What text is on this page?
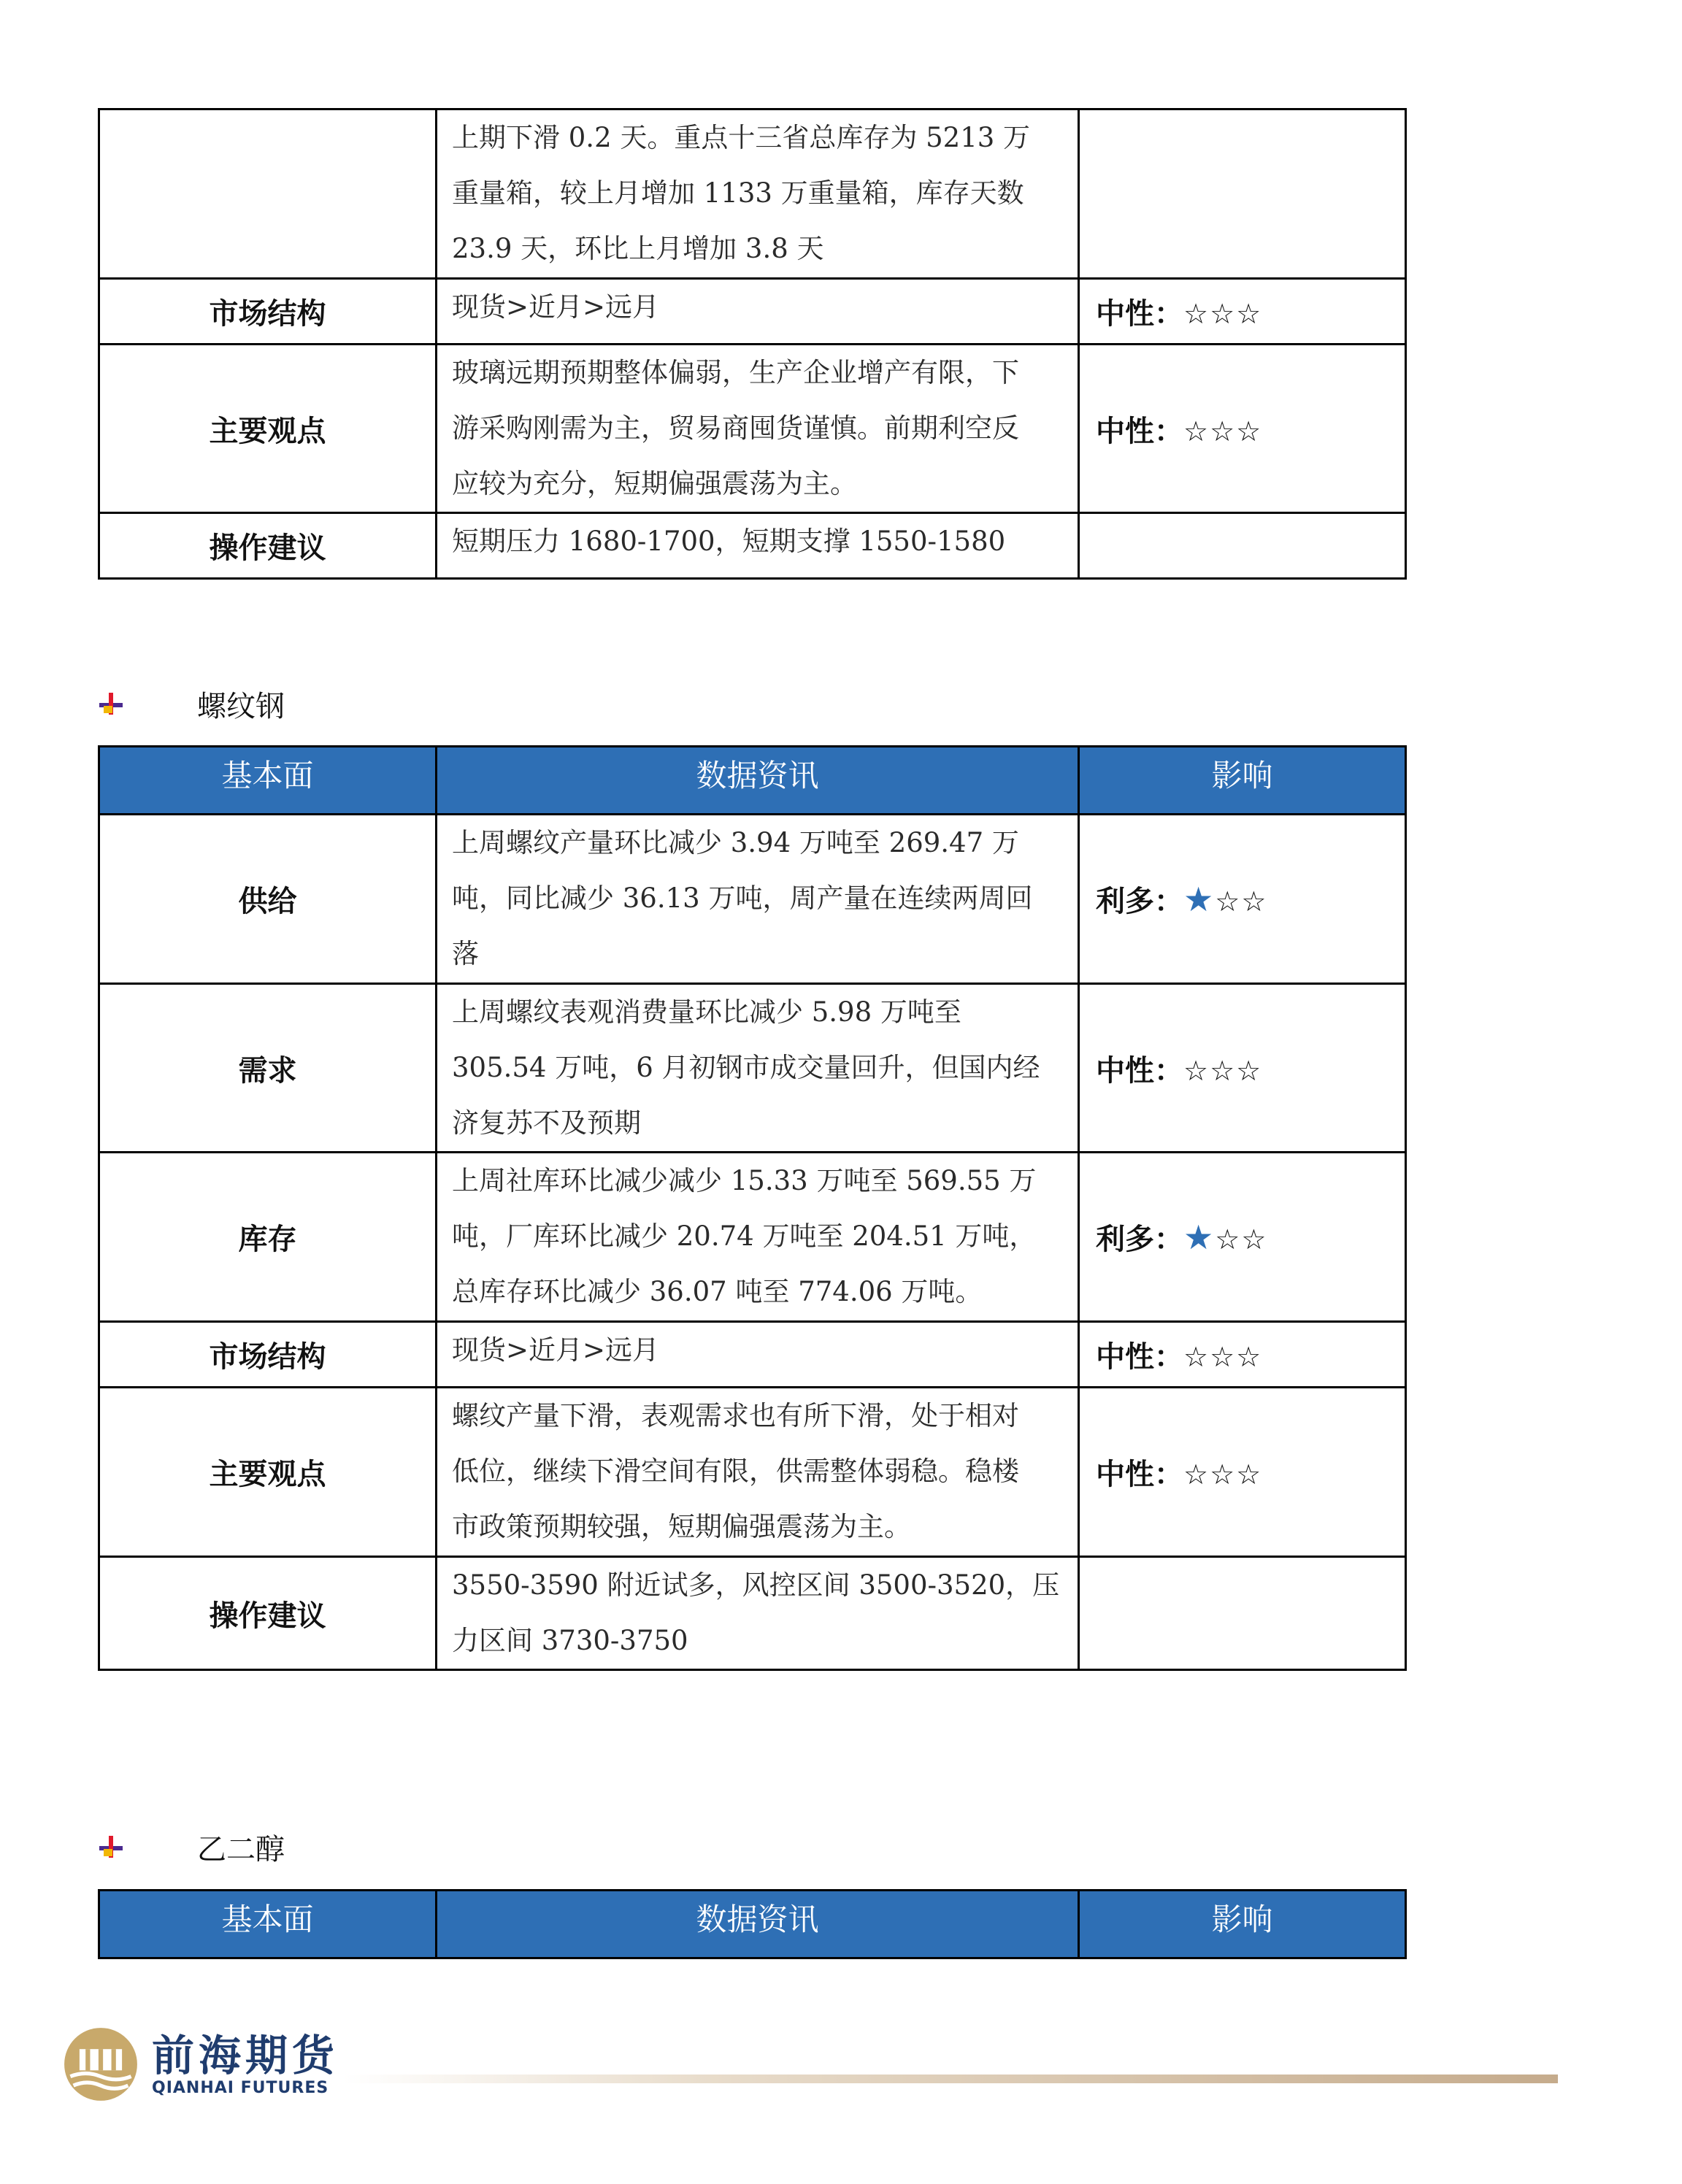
	上期下滑 0.2 天。重点十三省总库存为 5213 万
重量箱，较上月增加 1133 万重量箱，库存天数
23.9 天，环比上月增加 3.8 天	

市场结构	现货>近月>远月	中性：☆☆☆
主要观点	玻璃远期预期整体偏弱，生产企业增产有限，下
游采购刚需为主，贸易商囤货谨慎。前期利空反
应较为充分，短期偏强震荡为主。	中性：☆☆☆
操作建议	短期压力 1680-1700，短期支撑 1550-1580	

螺纹钢
基本面	数据资讯	影响
供给	上周螺纹产量环比减少 3.94 万吨至 269.47 万
吨，同比减少 36.13 万吨，周产量在连续两周回
落	利多：★☆☆
需求	上周螺纹表观消费量环比减少 5.98 万吨至
305.54 万吨，6 月初钢市成交量回升，但国内经
济复苏不及预期	中性：☆☆☆
库存	上周社库环比减少减少 15.33 万吨至 569.55 万
吨，厂库环比减少 20.74 万吨至 204.51 万吨，
总库存环比减少 36.07 吨至 774.06 万吨。	利多：★☆☆
市场结构	现货>近月>远月	中性：☆☆☆
主要观点	螺纹产量下滑，表观需求也有所下滑，处于相对
低位，继续下滑空间有限，供需整体弱稳。稳楼
市政策预期较强，短期偏强震荡为主。	中性：☆☆☆
操作建议	3550-3590 附近试多，风控区间 3500-3520，压
力区间 3730-3750	

乙二醇
基本面	数据资讯	影响
前海期货
QIANHAI FUTURES
